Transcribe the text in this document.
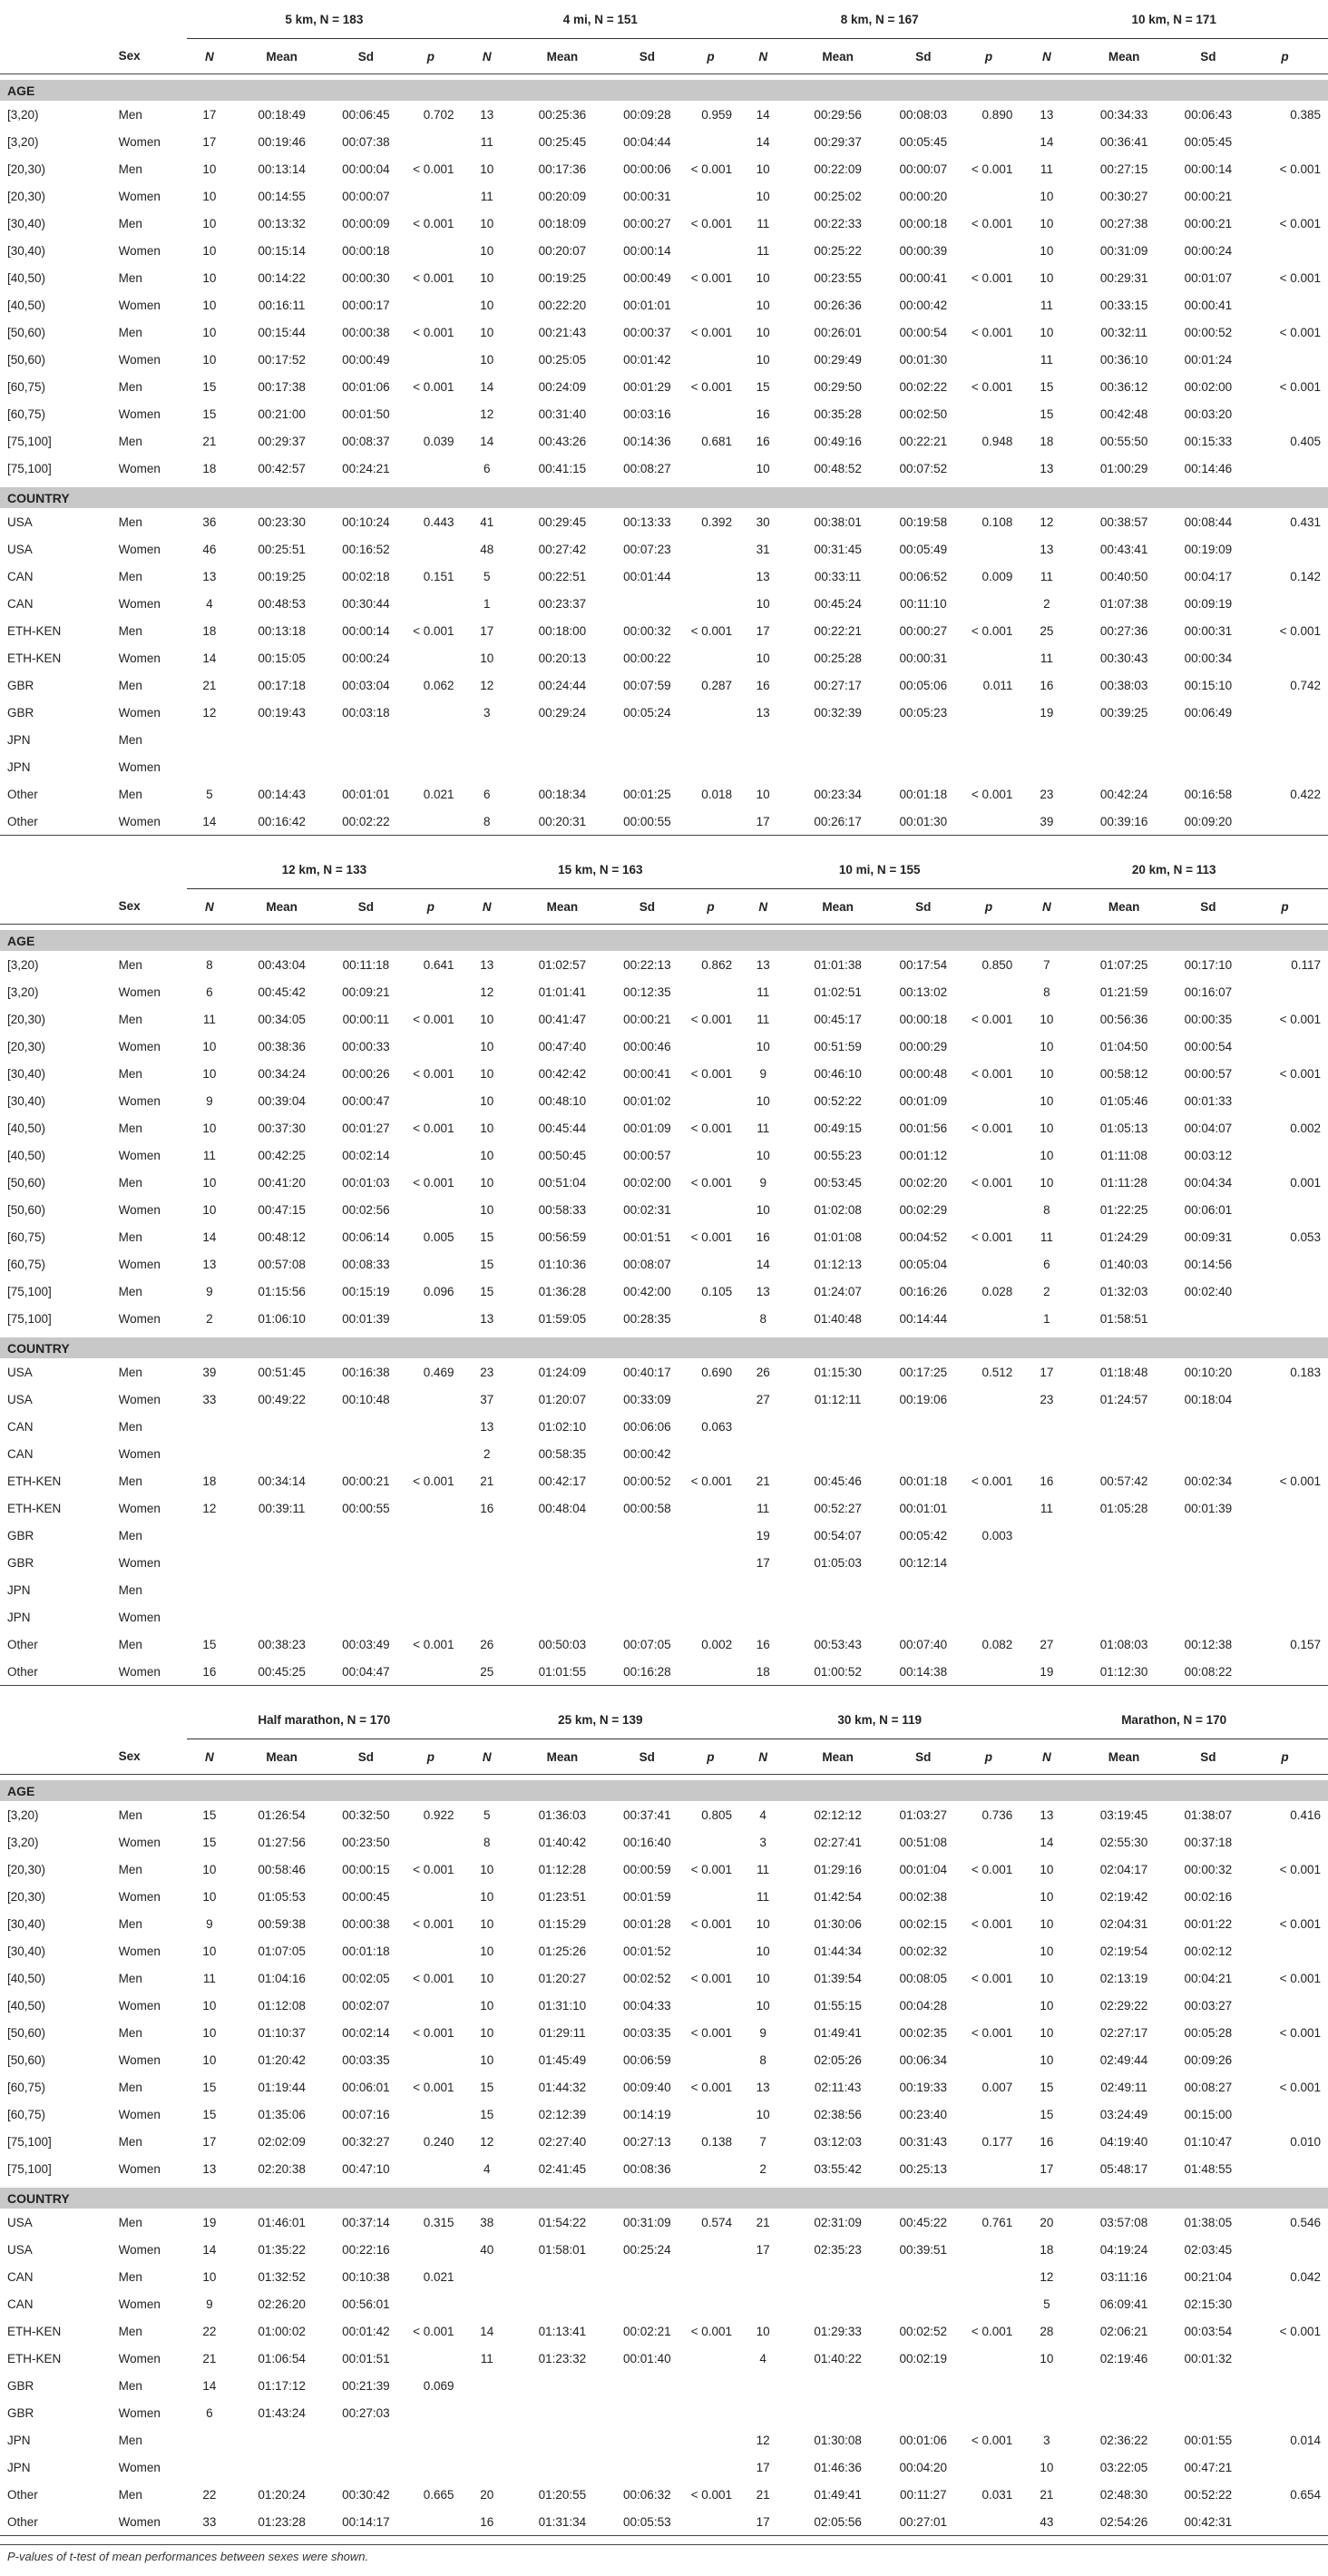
		5 km, N = 183				4 mi, N = 151				8 km, N = 167				10 km, N = 171			
	Sex	N	Mean	Sd	p	N	Mean	Sd	p	N	Mean	Sd	p	N	Mean	Sd	p

AGE																	
[3,20)	Men	17	00:18:49	00:06:45	0.702	13	00:25:36	00:09:28	0.959	14	00:29:56	00:08:03	0.890	13	00:34:33	00:06:43	0.385
[3,20)	Women	17	00:19:46	00:07:38		11	00:25:45	00:04:44		14	00:29:37	00:05:45		14	00:36:41	00:05:45	
[20,30)	Men	10	00:13:14	00:00:04	< 0.001	10	00:17:36	00:00:06	< 0.001	10	00:22:09	00:00:07	< 0.001	11	00:27:15	00:00:14	< 0.001
[20,30)	Women	10	00:14:55	00:00:07		11	00:20:09	00:00:31		10	00:25:02	00:00:20		10	00:30:27	00:00:21	
[30,40)	Men	10	00:13:32	00:00:09	< 0.001	10	00:18:09	00:00:27	< 0.001	11	00:22:33	00:00:18	< 0.001	10	00:27:38	00:00:21	< 0.001
[30,40)	Women	10	00:15:14	00:00:18		10	00:20:07	00:00:14		11	00:25:22	00:00:39		10	00:31:09	00:00:24	
[40,50)	Men	10	00:14:22	00:00:30	< 0.001	10	00:19:25	00:00:49	< 0.001	10	00:23:55	00:00:41	< 0.001	10	00:29:31	00:01:07	< 0.001
[40,50)	Women	10	00:16:11	00:00:17		10	00:22:20	00:01:01		10	00:26:36	00:00:42		11	00:33:15	00:00:41	
[50,60)	Men	10	00:15:44	00:00:38	< 0.001	10	00:21:43	00:00:37	< 0.001	10	00:26:01	00:00:54	< 0.001	10	00:32:11	00:00:52	< 0.001
[50,60)	Women	10	00:17:52	00:00:49		10	00:25:05	00:01:42		10	00:29:49	00:01:30		11	00:36:10	00:01:24	
[60,75)	Men	15	00:17:38	00:01:06	< 0.001	14	00:24:09	00:01:29	< 0.001	15	00:29:50	00:02:22	< 0.001	15	00:36:12	00:02:00	< 0.001
[60,75)	Women	15	00:21:00	00:01:50		12	00:31:40	00:03:16		16	00:35:28	00:02:50		15	00:42:48	00:03:20	
[75,100]	Men	21	00:29:37	00:08:37	0.039	14	00:43:26	00:14:36	0.681	16	00:49:16	00:22:21	0.948	18	00:55:50	00:15:33	0.405
[75,100]	Women	18	00:42:57	00:24:21		6	00:41:15	00:08:27		10	00:48:52	00:07:52		13	01:00:29	00:14:46	

COUNTRY																	
USA	Men	36	00:23:30	00:10:24	0.443	41	00:29:45	00:13:33	0.392	30	00:38:01	00:19:58	0.108	12	00:38:57	00:08:44	0.431
USA	Women	46	00:25:51	00:16:52		48	00:27:42	00:07:23		31	00:31:45	00:05:49		13	00:43:41	00:19:09	
CAN	Men	13	00:19:25	00:02:18	0.151	5	00:22:51	00:01:44		13	00:33:11	00:06:52	0.009	11	00:40:50	00:04:17	0.142
CAN	Women	4	00:48:53	00:30:44		1	00:23:37			10	00:45:24	00:11:10		2	01:07:38	00:09:19	
ETH-KEN	Men	18	00:13:18	00:00:14	< 0.001	17	00:18:00	00:00:32	< 0.001	17	00:22:21	00:00:27	< 0.001	25	00:27:36	00:00:31	< 0.001
ETH-KEN	Women	14	00:15:05	00:00:24		10	00:20:13	00:00:22		10	00:25:28	00:00:31		11	00:30:43	00:00:34	
GBR	Men	21	00:17:18	00:03:04	0.062	12	00:24:44	00:07:59	0.287	16	00:27:17	00:05:06	0.011	16	00:38:03	00:15:10	0.742
GBR	Women	12	00:19:43	00:03:18		3	00:29:24	00:05:24		13	00:32:39	00:05:23		19	00:39:25	00:06:49	
JPN	Men																
JPN	Women																
Other	Men	5	00:14:43	00:01:01	0.021	6	00:18:34	00:01:25	0.018	10	00:23:34	00:01:18	< 0.001	23	00:42:24	00:16:58	0.422
Other	Women	14	00:16:42	00:02:22		8	00:20:31	00:00:55		17	00:26:17	00:01:30		39	00:39:16	00:09:20	
		12 km, N = 133				15 km, N = 163				10 mi, N = 155				20 km, N = 113			
	Sex	N	Mean	Sd	p	N	Mean	Sd	p	N	Mean	Sd	p	N	Mean	Sd	p

AGE																	
[3,20)	Men	8	00:43:04	00:11:18	0.641	13	01:02:57	00:22:13	0.862	13	01:01:38	00:17:54	0.850	7	01:07:25	00:17:10	0.117
[3,20)	Women	6	00:45:42	00:09:21		12	01:01:41	00:12:35		11	01:02:51	00:13:02		8	01:21:59	00:16:07	
[20,30)	Men	11	00:34:05	00:00:11	< 0.001	10	00:41:47	00:00:21	< 0.001	11	00:45:17	00:00:18	< 0.001	10	00:56:36	00:00:35	< 0.001
[20,30)	Women	10	00:38:36	00:00:33		10	00:47:40	00:00:46		10	00:51:59	00:00:29		10	01:04:50	00:00:54	
[30,40)	Men	10	00:34:24	00:00:26	< 0.001	10	00:42:42	00:00:41	< 0.001	9	00:46:10	00:00:48	< 0.001	10	00:58:12	00:00:57	< 0.001
[30,40)	Women	9	00:39:04	00:00:47		10	00:48:10	00:01:02		10	00:52:22	00:01:09		10	01:05:46	00:01:33	
[40,50)	Men	10	00:37:30	00:01:27	< 0.001	10	00:45:44	00:01:09	< 0.001	11	00:49:15	00:01:56	< 0.001	10	01:05:13	00:04:07	0.002
[40,50)	Women	11	00:42:25	00:02:14		10	00:50:45	00:00:57		10	00:55:23	00:01:12		10	01:11:08	00:03:12	
[50,60)	Men	10	00:41:20	00:01:03	< 0.001	10	00:51:04	00:02:00	< 0.001	9	00:53:45	00:02:20	< 0.001	10	01:11:28	00:04:34	0.001
[50,60)	Women	10	00:47:15	00:02:56		10	00:58:33	00:02:31		10	01:02:08	00:02:29		8	01:22:25	00:06:01	
[60,75)	Men	14	00:48:12	00:06:14	0.005	15	00:56:59	00:01:51	< 0.001	16	01:01:08	00:04:52	< 0.001	11	01:24:29	00:09:31	0.053
[60,75)	Women	13	00:57:08	00:08:33		15	01:10:36	00:08:07		14	01:12:13	00:05:04		6	01:40:03	00:14:56	
[75,100]	Men	9	01:15:56	00:15:19	0.096	15	01:36:28	00:42:00	0.105	13	01:24:07	00:16:26	0.028	2	01:32:03	00:02:40	
[75,100]	Women	2	01:06:10	00:01:39		13	01:59:05	00:28:35		8	01:40:48	00:14:44		1	01:58:51		

COUNTRY																	
USA	Men	39	00:51:45	00:16:38	0.469	23	01:24:09	00:40:17	0.690	26	01:15:30	00:17:25	0.512	17	01:18:48	00:10:20	0.183
USA	Women	33	00:49:22	00:10:48		37	01:20:07	00:33:09		27	01:12:11	00:19:06		23	01:24:57	00:18:04	
CAN	Men					13	01:02:10	00:06:06	0.063								
CAN	Women					2	00:58:35	00:00:42									
ETH-KEN	Men	18	00:34:14	00:00:21	< 0.001	21	00:42:17	00:00:52	< 0.001	21	00:45:46	00:01:18	< 0.001	16	00:57:42	00:02:34	< 0.001
ETH-KEN	Women	12	00:39:11	00:00:55		16	00:48:04	00:00:58		11	00:52:27	00:01:01		11	01:05:28	00:01:39	
GBR	Men									19	00:54:07	00:05:42	0.003				
GBR	Women									17	01:05:03	00:12:14					
JPN	Men																
JPN	Women																
Other	Men	15	00:38:23	00:03:49	< 0.001	26	00:50:03	00:07:05	0.002	16	00:53:43	00:07:40	0.082	27	01:08:03	00:12:38	0.157
Other	Women	16	00:45:25	00:04:47		25	01:01:55	00:16:28		18	01:00:52	00:14:38		19	01:12:30	00:08:22	
		Half marathon, N = 170				25 km, N = 139				30 km, N = 119				Marathon, N = 170			
	Sex	N	Mean	Sd	p	N	Mean	Sd	p	N	Mean	Sd	p	N	Mean	Sd	p

AGE																	
[3,20)	Men	15	01:26:54	00:32:50	0.922	5	01:36:03	00:37:41	0.805	4	02:12:12	01:03:27	0.736	13	03:19:45	01:38:07	0.416
[3,20)	Women	15	01:27:56	00:23:50		8	01:40:42	00:16:40		3	02:27:41	00:51:08		14	02:55:30	00:37:18	
[20,30)	Men	10	00:58:46	00:00:15	< 0.001	10	01:12:28	00:00:59	< 0.001	11	01:29:16	00:01:04	< 0.001	10	02:04:17	00:00:32	< 0.001
[20,30)	Women	10	01:05:53	00:00:45		10	01:23:51	00:01:59		11	01:42:54	00:02:38		10	02:19:42	00:02:16	
[30,40)	Men	9	00:59:38	00:00:38	< 0.001	10	01:15:29	00:01:28	< 0.001	10	01:30:06	00:02:15	< 0.001	10	02:04:31	00:01:22	< 0.001
[30,40)	Women	10	01:07:05	00:01:18		10	01:25:26	00:01:52		10	01:44:34	00:02:32		10	02:19:54	00:02:12	
[40,50)	Men	11	01:04:16	00:02:05	< 0.001	10	01:20:27	00:02:52	< 0.001	10	01:39:54	00:08:05	< 0.001	10	02:13:19	00:04:21	< 0.001
[40,50)	Women	10	01:12:08	00:02:07		10	01:31:10	00:04:33		10	01:55:15	00:04:28		10	02:29:22	00:03:27	
[50,60)	Men	10	01:10:37	00:02:14	< 0.001	10	01:29:11	00:03:35	< 0.001	9	01:49:41	00:02:35	< 0.001	10	02:27:17	00:05:28	< 0.001
[50,60)	Women	10	01:20:42	00:03:35		10	01:45:49	00:06:59		8	02:05:26	00:06:34		10	02:49:44	00:09:26	
[60,75)	Men	15	01:19:44	00:06:01	< 0.001	15	01:44:32	00:09:40	< 0.001	13	02:11:43	00:19:33	0.007	15	02:49:11	00:08:27	< 0.001
[60,75)	Women	15	01:35:06	00:07:16		15	02:12:39	00:14:19		10	02:38:56	00:23:40		15	03:24:49	00:15:00	
[75,100]	Men	17	02:02:09	00:32:27	0.240	12	02:27:40	00:27:13	0.138	7	03:12:03	00:31:43	0.177	16	04:19:40	01:10:47	0.010
[75,100]	Women	13	02:20:38	00:47:10		4	02:41:45	00:08:36		2	03:55:42	00:25:13		17	05:48:17	01:48:55	

COUNTRY																	
USA	Men	19	01:46:01	00:37:14	0.315	38	01:54:22	00:31:09	0.574	21	02:31:09	00:45:22	0.761	20	03:57:08	01:38:05	0.546
USA	Women	14	01:35:22	00:22:16		40	01:58:01	00:25:24		17	02:35:23	00:39:51		18	04:19:24	02:03:45	
CAN	Men	10	01:32:52	00:10:38	0.021									12	03:11:16	00:21:04	0.042
CAN	Women	9	02:26:20	00:56:01										5	06:09:41	02:15:30	
ETH-KEN	Men	22	01:00:02	00:01:42	< 0.001	14	01:13:41	00:02:21	< 0.001	10	01:29:33	00:02:52	< 0.001	28	02:06:21	00:03:54	< 0.001
ETH-KEN	Women	21	01:06:54	00:01:51		11	01:23:32	00:01:40		4	01:40:22	00:02:19		10	02:19:46	00:01:32	
GBR	Men	14	01:17:12	00:21:39	0.069												
GBR	Women	6	01:43:24	00:27:03													
JPN	Men									12	01:30:08	00:01:06	< 0.001	3	02:36:22	00:01:55	0.014
JPN	Women									17	01:46:36	00:04:20		10	03:22:05	00:47:21	
Other	Men	22	01:20:24	00:30:42	0.665	20	01:20:55	00:06:32	< 0.001	21	01:49:41	00:11:27	0.031	21	02:48:30	00:52:22	0.654
Other	Women	33	01:23:28	00:14:17		16	01:31:34	00:05:53		17	02:05:56	00:27:01		43	02:54:26	00:42:31	
P-values of t-test of mean performances between sexes were shown.
